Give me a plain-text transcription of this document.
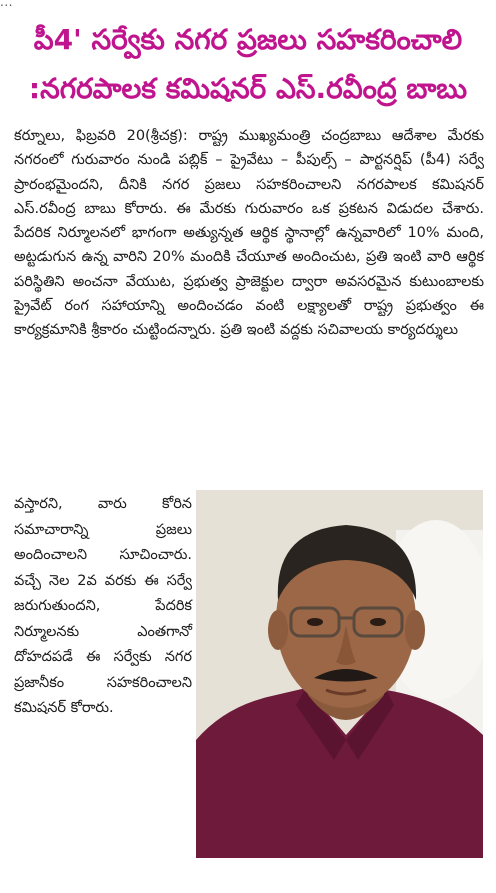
...
పీ4' సర్వేకు నగర ప్రజలు సహకరించాలి
:నగరపాలక కమిషనర్ ఎస్.రవీంద్ర బాబు
కర్నూలు, ఫిబ్రవరి 20(శ్రీచక్ర): రాష్ట్ర ముఖ్యమంత్రి చంద్రబాబు ఆదేశాల మేరకు నగరంలో గురువారం నుండి పబ్లిక్ – ప్రైవేటు – పీపుల్స్ – పార్టనర్షిప్ (పీ4) సర్వే ప్రారంభమైందని, దీనికి నగర ప్రజలు సహకరించాలని నగరపాలక కమిషనర్ ఎస్.రవీంద్ర బాబు కోరారు. ఈ మేరకు గురువారం ఒక ప్రకటన విడుదల చేశారు. పేదరిక నిర్మూలనలో భాగంగా అత్యున్నత ఆర్థిక స్థానాల్లో ఉన్నవారిలో 10% మంది, అట్టడుగున ఉన్న వారిని 20% మందికి చేయూత అందించుట, ప్రతి ఇంటి వారి ఆర్థిక పరిస్థితిని అంచనా వేయుట, ప్రభుత్వ ప్రాజెక్టుల ద్వారా అవసరమైన కుటుంబాలకు ప్రైవేట్ రంగ సహాయాన్ని అందించడం వంటి లక్ష్యాలతో రాష్ట్ర ప్రభుత్వం ఈ కార్యక్రమానికి శ్రీకారం చుట్టిందన్నారు. ప్రతి ఇంటి వద్దకు సచివాలయ కార్యదర్శులు
వస్తారని, వారు కోరిన సమాచారాన్ని ప్రజలు అందించాలని సూచించారు. వచ్చే నెల 2వ వరకు ఈ సర్వే జరుగుతుందని, పేదరిక నిర్మూలనకు ఎంతగానో దోహదపడే ఈ సర్వేకు నగర ప్రజానీకం సహకరించాలని కమిషనర్ కోరారు.
